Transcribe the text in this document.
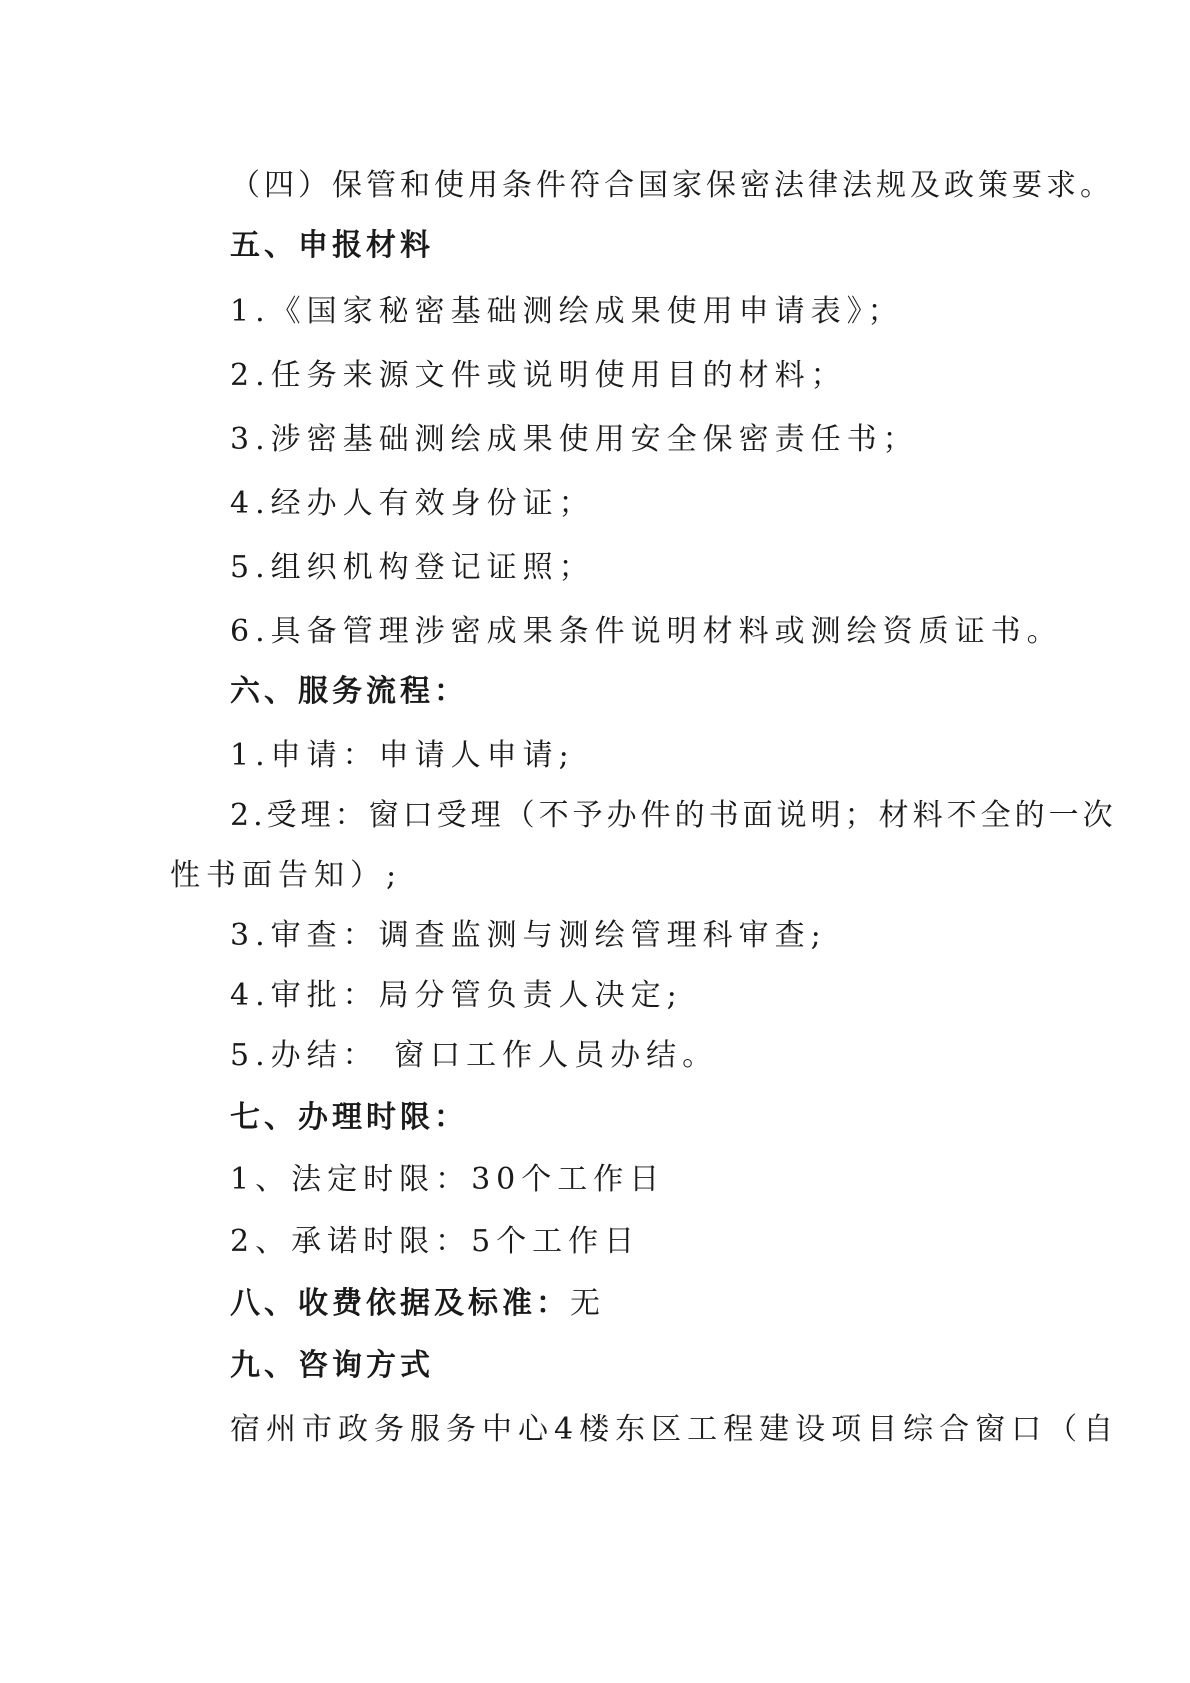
（四）保管和使用条件符合国家保密法律法规及政策要求。
五、申报材料
1.《国家秘密基础测绘成果使用申请表》；
2.任务来源文件或说明使用目的材料；
3.涉密基础测绘成果使用安全保密责任书；
4.经办人有效身份证；
5.组织机构登记证照；
6.具备管理涉密成果条件说明材料或测绘资质证书。
六、服务流程：
1.申请：申请人申请;
2.受理：窗口受理（不予办件的书面说明；材料不全的一次
性书面告知）;
3.审查：调查监测与测绘管理科审查;
4.审批：局分管负责人决定;
5.办结： 窗口工作人员办结。
七、办理时限：
1、法定时限：30个工作日
2、承诺时限：5个工作日
八、收费依据及标准：无
九、咨询方式
宿州市政务服务中心4楼东区工程建设项目综合窗口（自
